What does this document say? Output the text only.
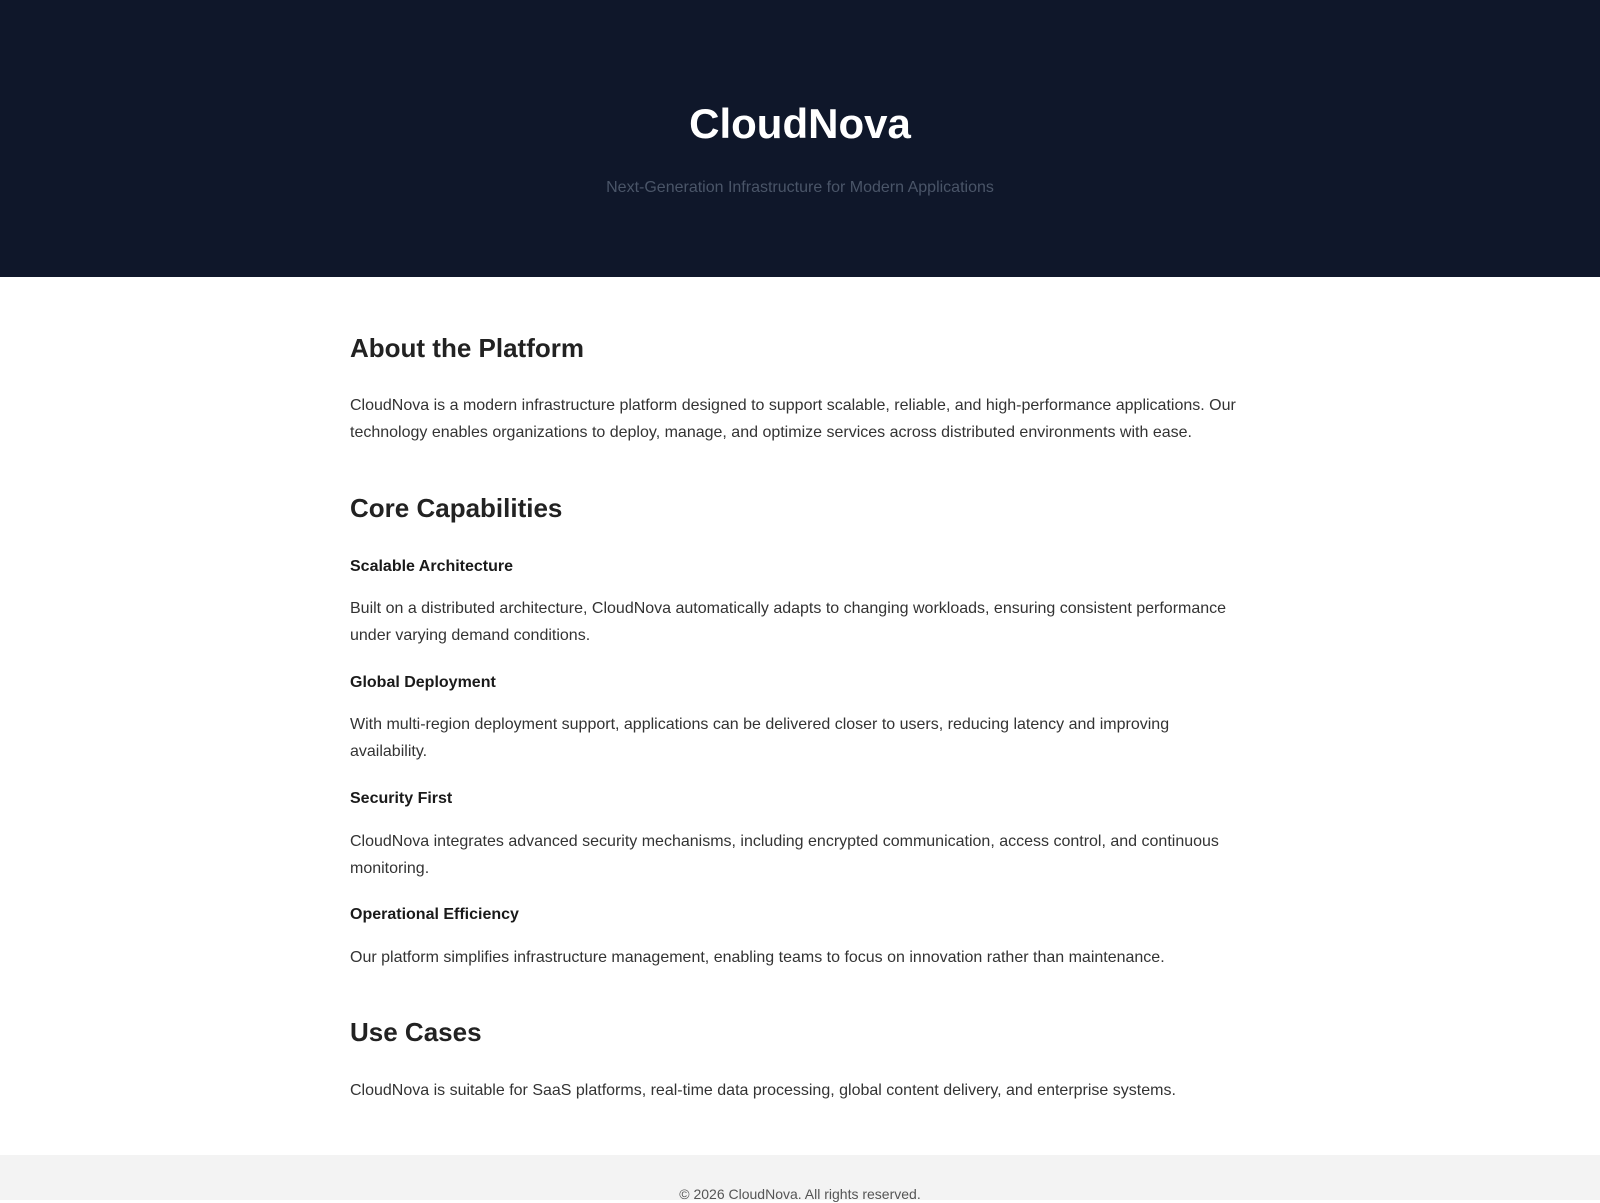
CloudNova

Next-Generation Infrastructure for Modern Applications

About the Platform

CloudNova is a modern infrastructure platform designed to support scalable, reliable, and high-performance applications. Our technology enables organizations to deploy, manage, and optimize services across distributed environments with ease.

Core Capabilities
Scalable Architecture

Built on a distributed architecture, CloudNova automatically adapts to changing workloads, ensuring consistent performance under varying demand conditions.

Global Deployment

With multi-region deployment support, applications can be delivered closer to users, reducing latency and improving availability.

Security First

CloudNova integrates advanced security mechanisms, including encrypted communication, access control, and continuous monitoring.

Operational Efficiency

Our platform simplifies infrastructure management, enabling teams to focus on innovation rather than maintenance.

Use Cases

CloudNova is suitable for SaaS platforms, real-time data processing, global content delivery, and enterprise systems.

© 2026 CloudNova. All rights reserved.
